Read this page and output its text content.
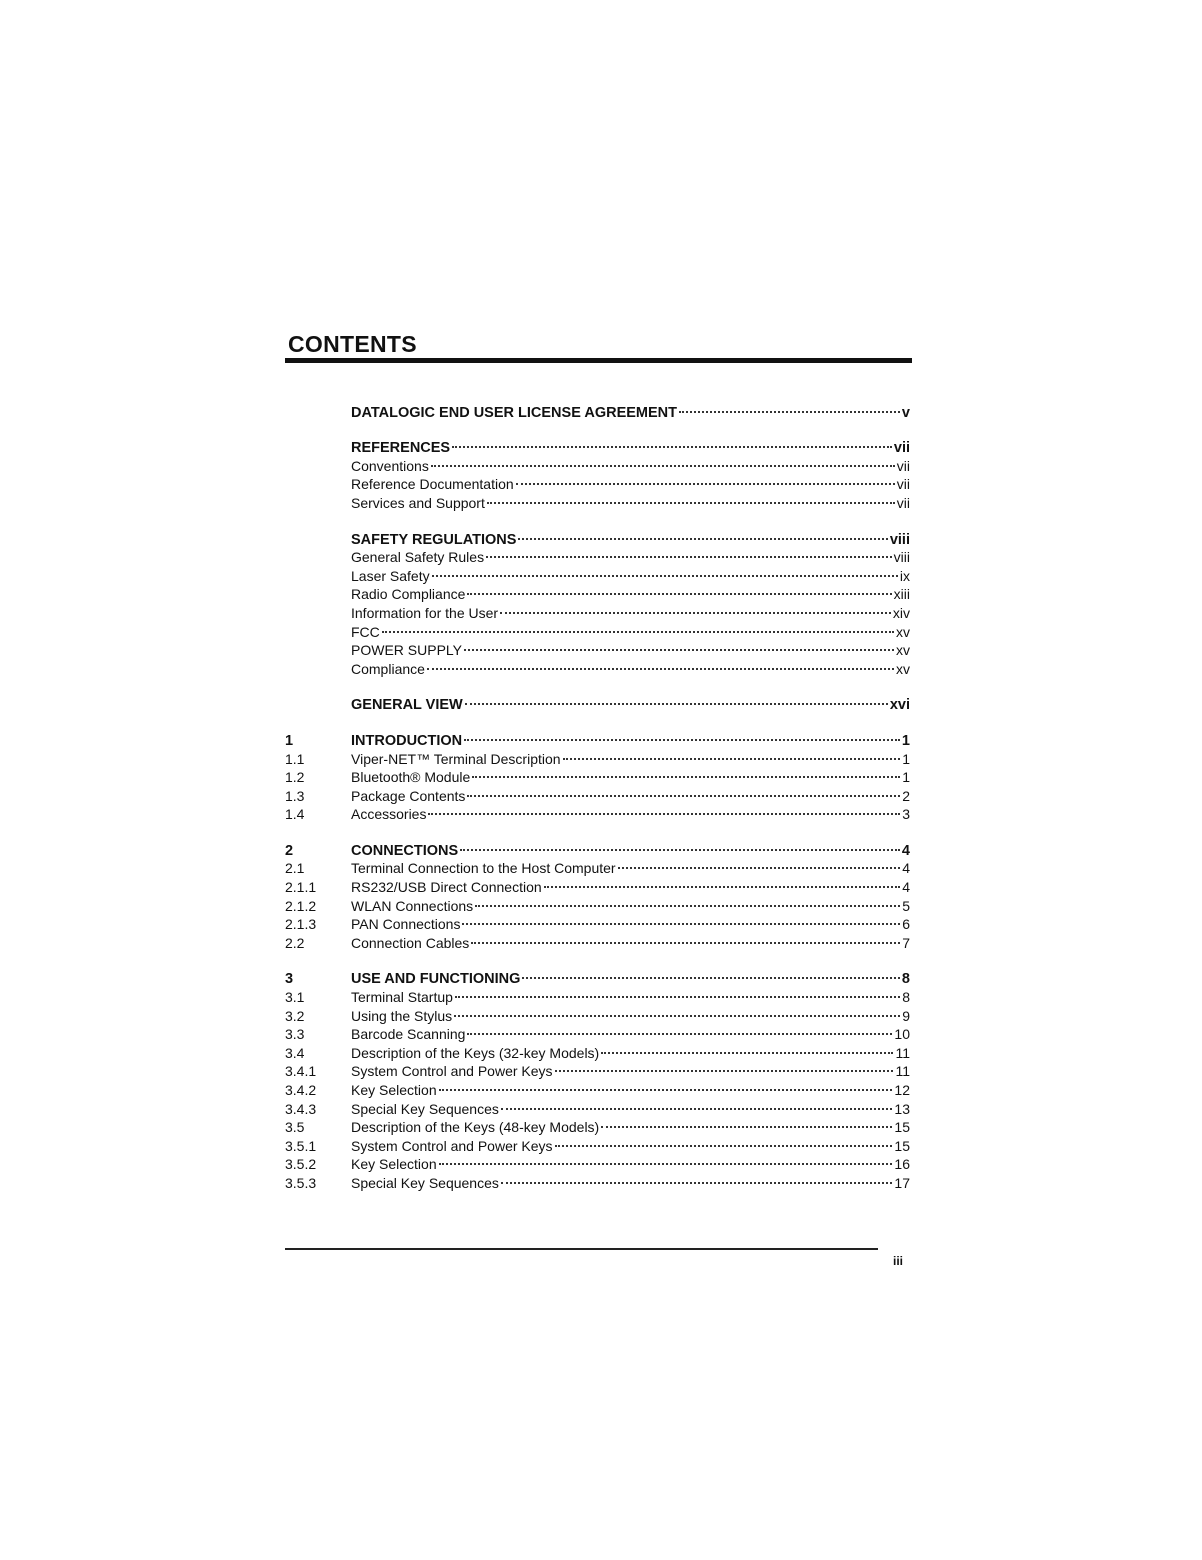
CONTENTS
DATALOGIC END USER LICENSE AGREEMENT	v
REFERENCES	vii
Conventions	vii
Reference Documentation	vii
Services and Support	vii
SAFETY REGULATIONS	viii
General Safety Rules	viii
Laser Safety	ix
Radio Compliance	xiii
Information for the User	xiv
FCC	xv
POWER SUPPLY	xv
Compliance	xv
GENERAL VIEW	xvi
1	INTRODUCTION	1
1.1	Viper-NET™ Terminal Description	1
1.2	Bluetooth® Module	1
1.3	Package Contents	2
1.4	Accessories	3
2	CONNECTIONS	4
2.1	Terminal Connection to the Host Computer	4
2.1.1	RS232/USB Direct Connection	4
2.1.2	WLAN Connections	5
2.1.3	PAN Connections	6
2.2	Connection Cables	7
3	USE AND FUNCTIONING	8
3.1	Terminal Startup	8
3.2	Using the Stylus	9
3.3	Barcode Scanning	10
3.4	Description of the Keys (32-key Models)	11
3.4.1	System Control and Power Keys	11
3.4.2	Key Selection	12
3.4.3	Special Key Sequences	13
3.5	Description of the Keys (48-key Models)	15
3.5.1	System Control and Power Keys	15
3.5.2	Key Selection	16
3.5.3	Special Key Sequences	17
iii
